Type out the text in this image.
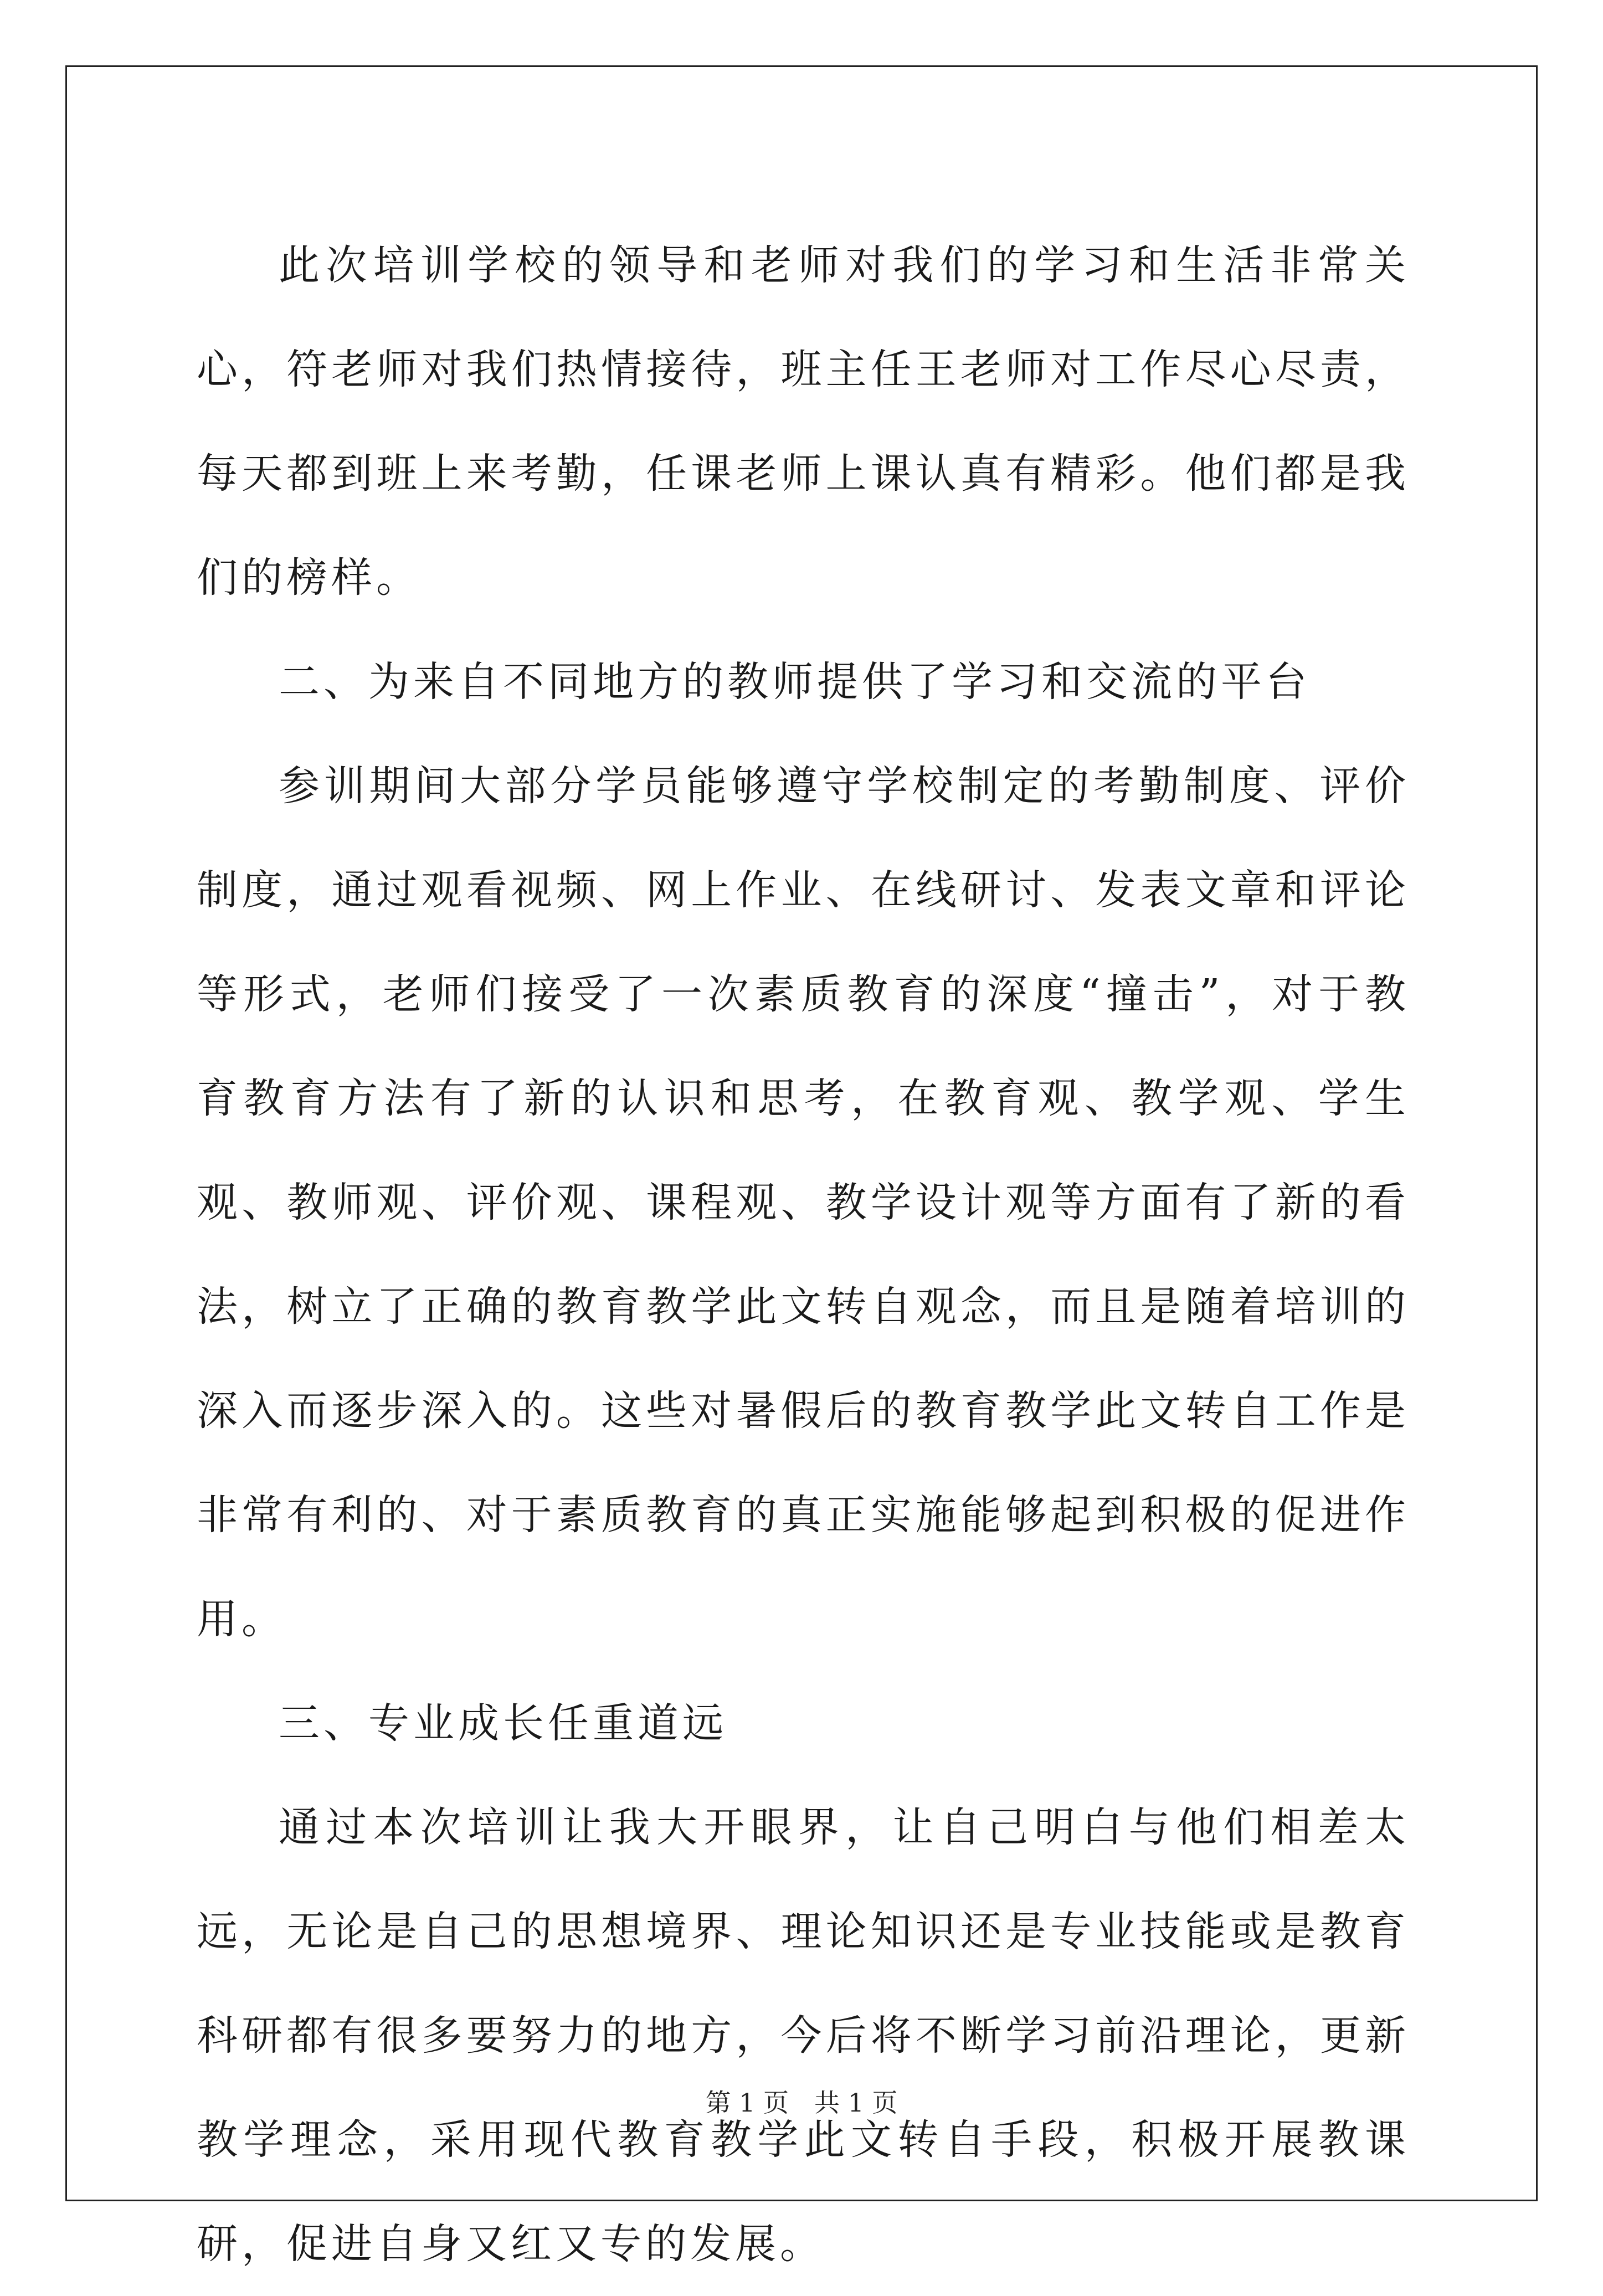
此次培训学校的领导和老师对我们的学习和生活非常关心，符老师对我们热情接待，班主任王老师对工作尽心尽责，每天都到班上来考勤，任课老师上课认真有精彩。他们都是我们的榜样。

二、为来自不同地方的教师提供了学习和交流的平台

参训期间大部分学员能够遵守学校制定的考勤制度、评价制度，通过观看视频、网上作业、在线研讨、发表文章和评论等形式，老师们接受了一次素质教育的深度“撞击”，对于教育教育方法有了新的认识和思考，在教育观、教学观、学生观、教师观、评价观、课程观、教学设计观等方面有了新的看法，树立了正确的教育教学此文转自观念，而且是随着培训的深入而逐步深入的。这些对暑假后的教育教学此文转自工作是非常有利的、对于素质教育的真正实施能够起到积极的促进作用。

三、专业成长任重道远

通过本次培训让我大开眼界，让自己明白与他们相差太远，无论是自己的思想境界、理论知识还是专业技能或是教育科研都有很多要努力的地方，今后将不断学习前沿理论，更新教学理念，采用现代教育教学此文转自手段，积极开展教课研，促进自身又红又专的发展。

第 1 页　共 1 页
